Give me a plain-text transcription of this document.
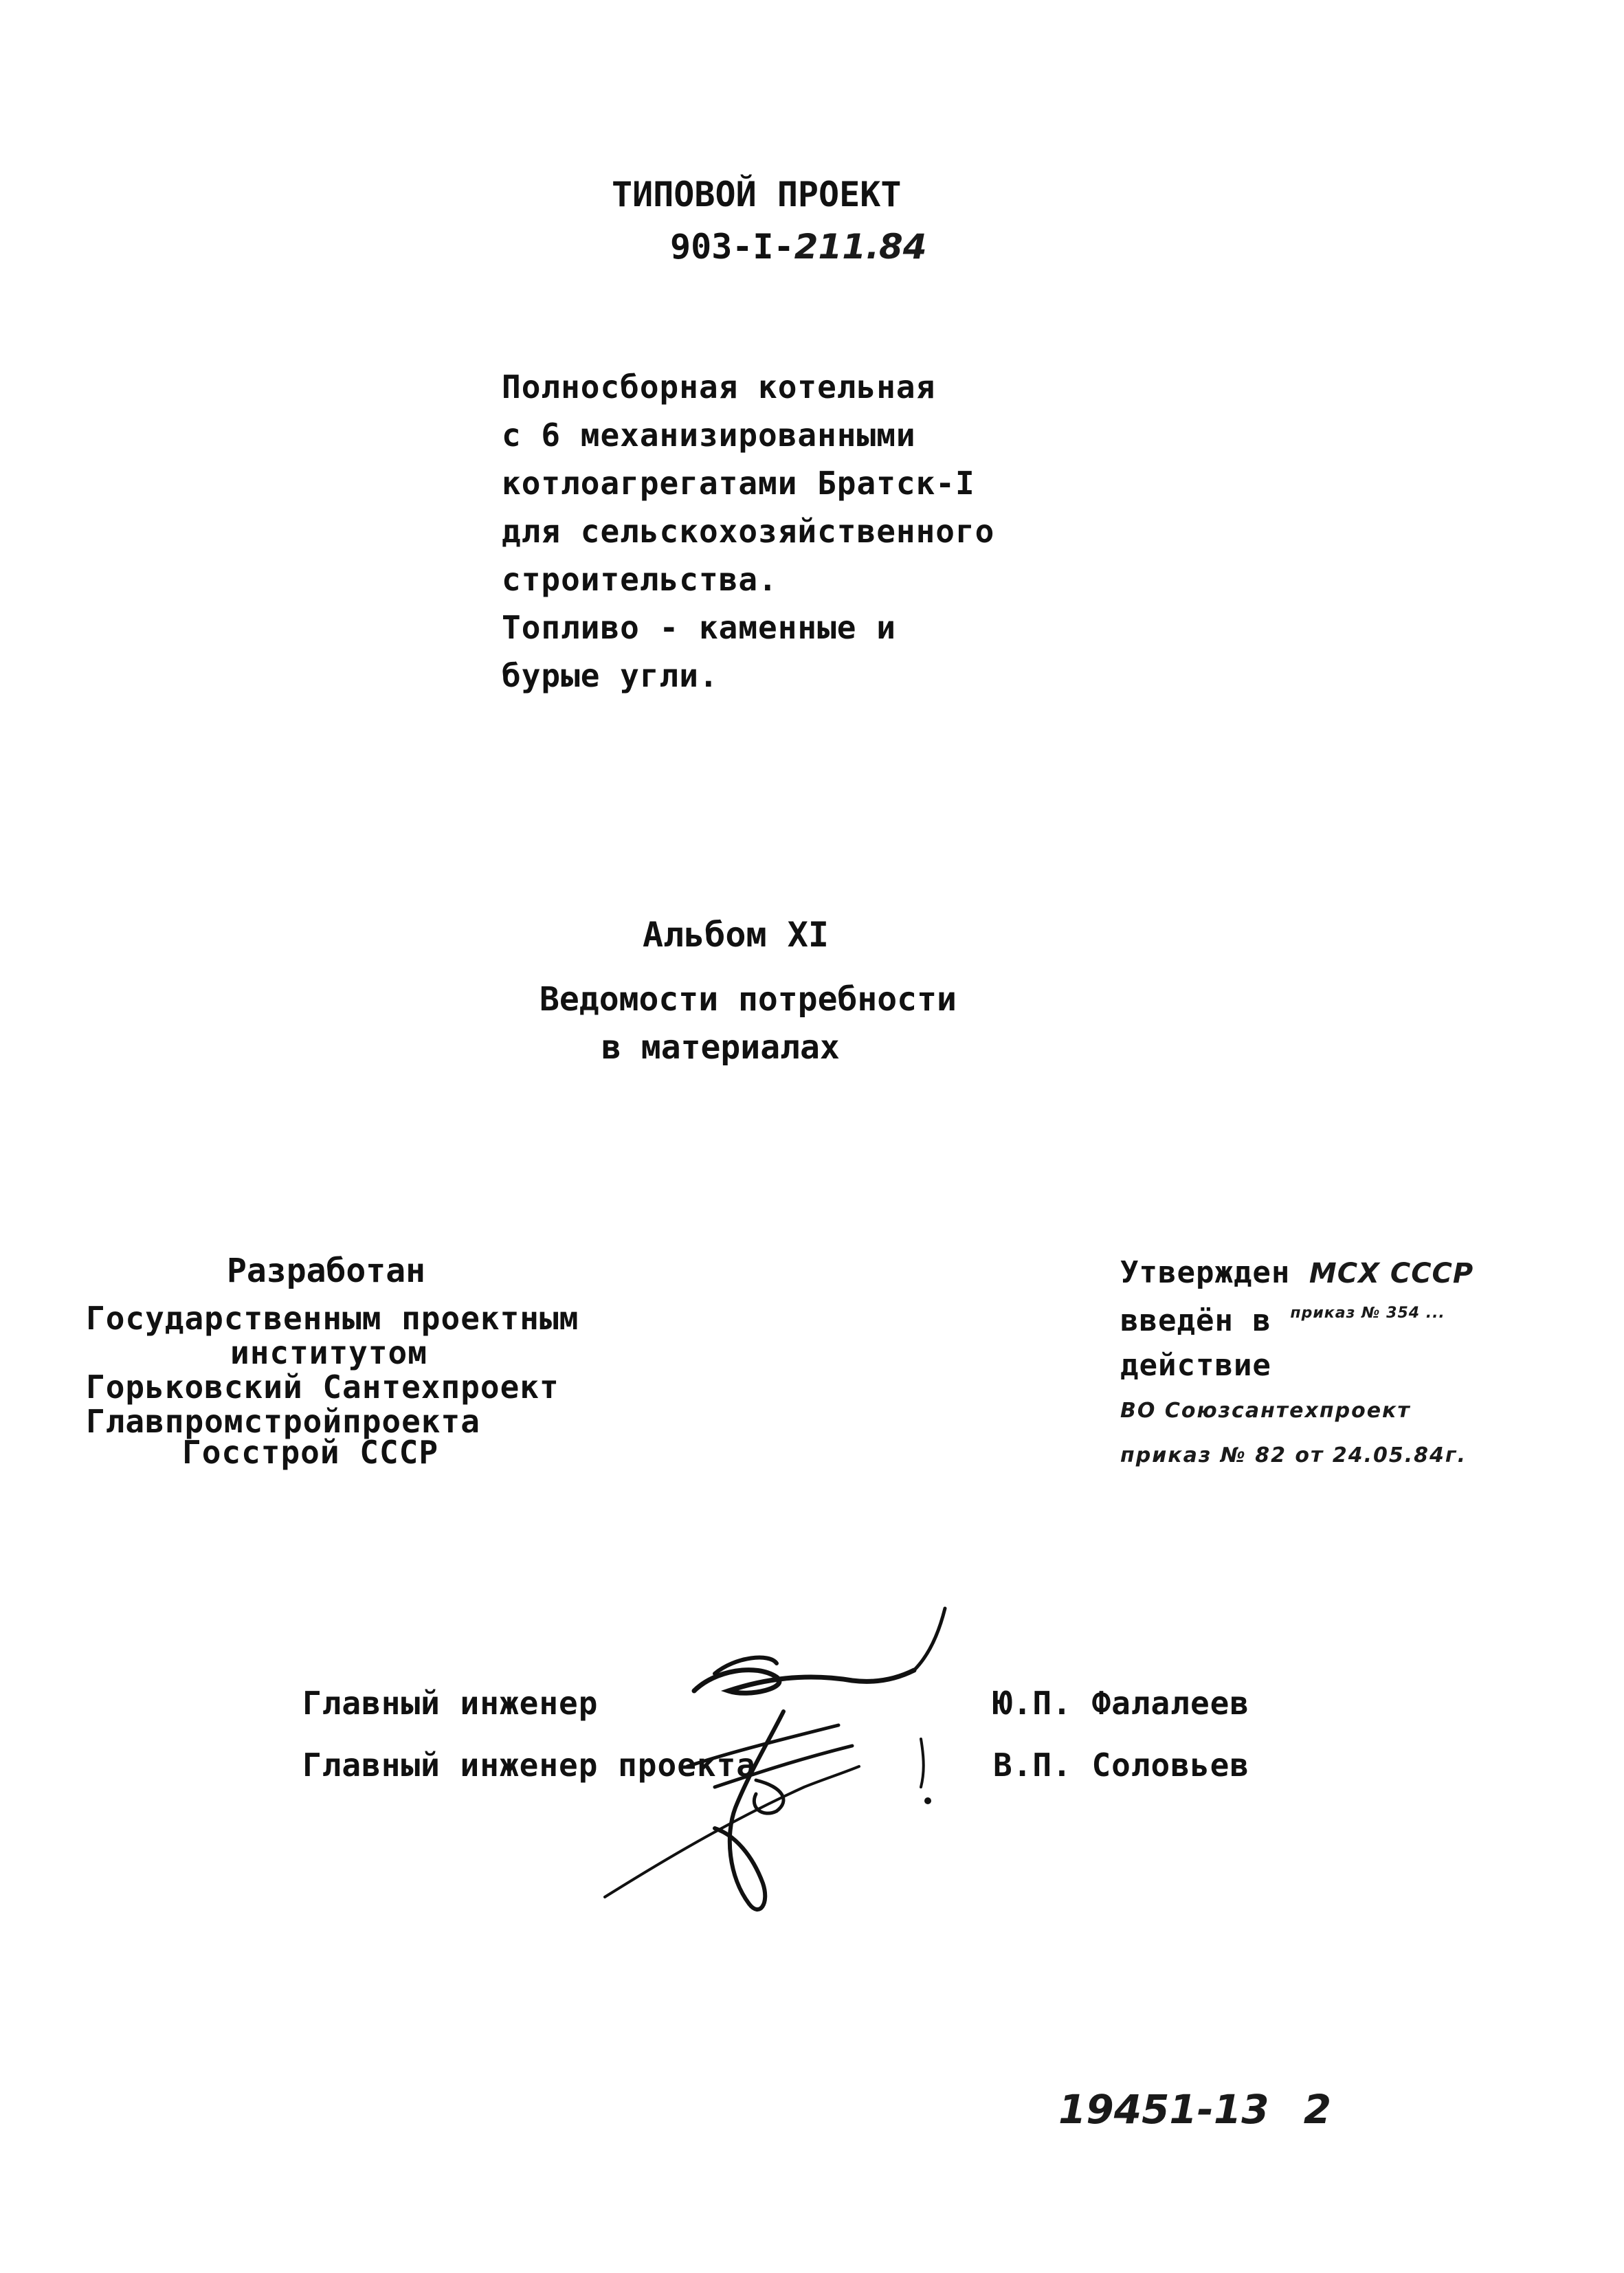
ТИПОВОЙ ПРОЕКТ
903-I-211.84
Полносборная котельная
с 6 механизированными
котлоагрегатами Братск-I
для сельскохозяйственного
строительства.
Топливо - каменные и
бурые угли.
Альбом XI
Ведомости потребности
в материалах
Разработан
Государственным проектным
институтом
Горьковский Сантехпроект
Главпромстройпроекта
Госстрой СССР
Утвержден МСХ СССР
введён в $^{приказ № 354 ...}$
действие
ВО Союзсантехпроект
приказ № 82 от 24.05.84г.
Главный инженер	Ю.П. Фалалеев
Главный инженер проекта	В.П. Соловьев
19451-13 2
